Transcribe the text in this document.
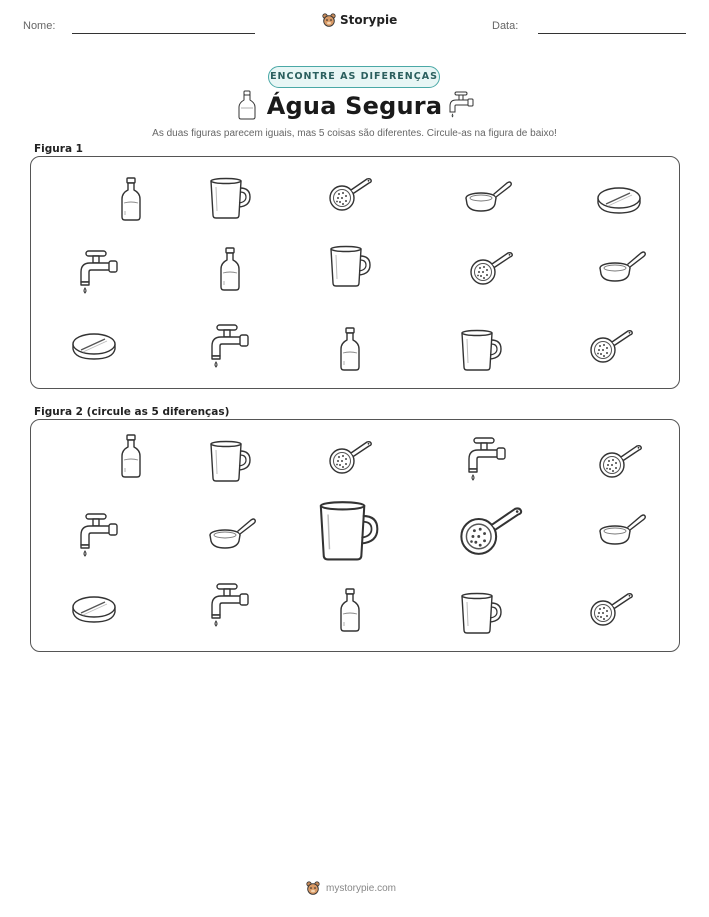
Nome:	Storypie	Data:
ENCONTRE AS DIFERENÇAS
Água Segura
As duas figuras parecem iguais, mas 5 coisas são diferentes. Circule-as na figura de baixo!
Figura 1
Figura 2 (circule as 5 diferenças)
mystorypie.com
